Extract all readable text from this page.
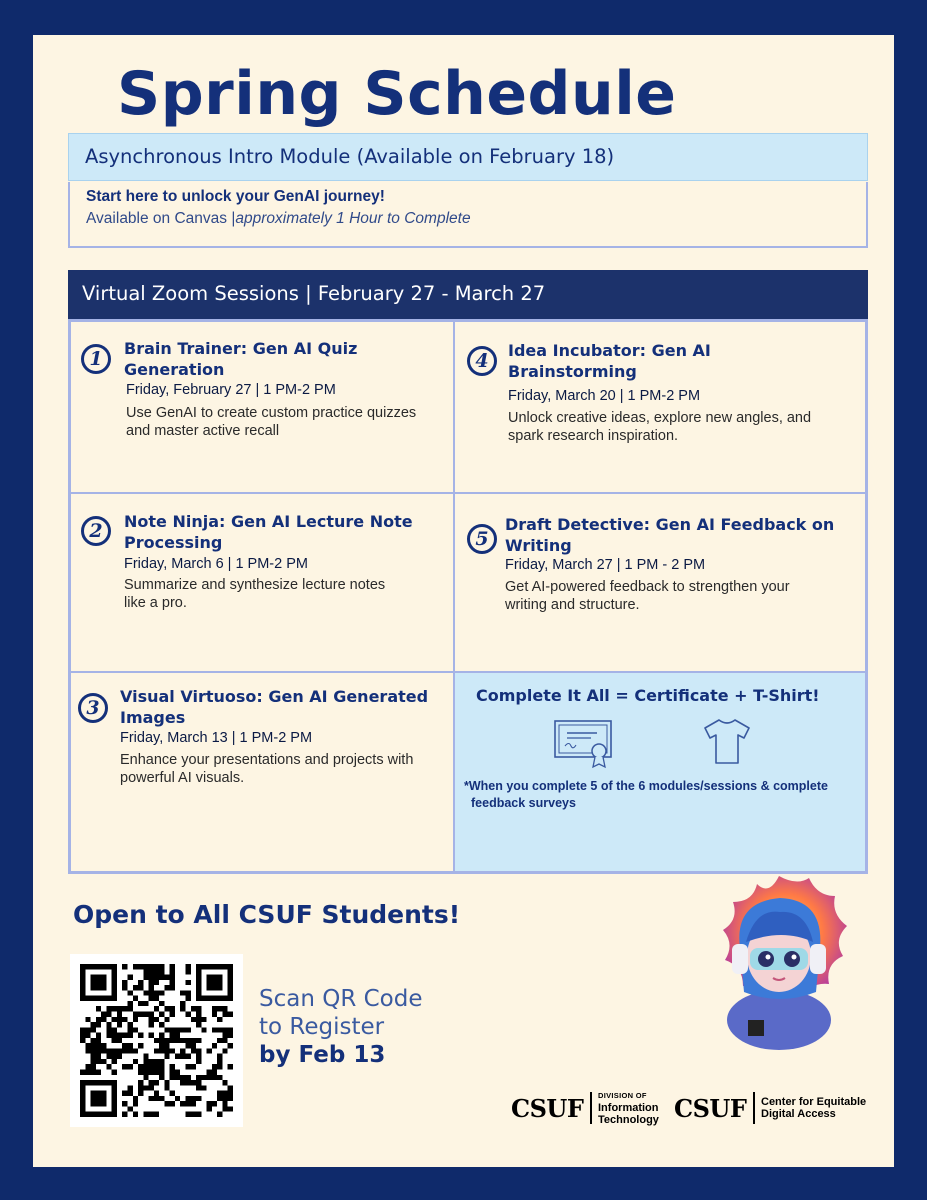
Spring Schedule
Asynchronous Intro Module (Available on February 18)
Start here to unlock your GenAI journey!
Available on Canvas |approximately 1 Hour to Complete
Virtual Zoom Sessions | February 27 - March 27
1	Brain Trainer: Gen AI Quiz
Generation
Friday, February 27 | 1 PM-2 PM
Use GenAI to create custom practice quizzes
and master active recall
4	Idea Incubator: Gen AI
Brainstorming
Friday, March 20 | 1 PM-2 PM
Unlock creative ideas, explore new angles, and
spark research inspiration.
2	Note Ninja: Gen AI Lecture Note
Processing
Friday, March 6 | 1 PM-2 PM
Summarize and synthesize lecture notes
like a pro.
5
Draft Detective: Gen AI Feedback on
Writing
Friday, March 27 | 1 PM - 2 PM
Get AI-powered feedback to strengthen your
writing and structure.
3
Visual Virtuoso: Gen AI Generated
Images
Friday, March 13 | 1 PM-2 PM
Enhance your presentations and projects with
powerful AI visuals.
Complete It All = Certificate + T-Shirt!
*When you complete 5 of the 6 modules/sessions & complete
feedback surveys
Open to All CSUF Students!
Scan QR Code
to Register
by Feb 13
CSUF DIVISION OF
Information
Technology CSUF Center for Equitable
Digital Access
